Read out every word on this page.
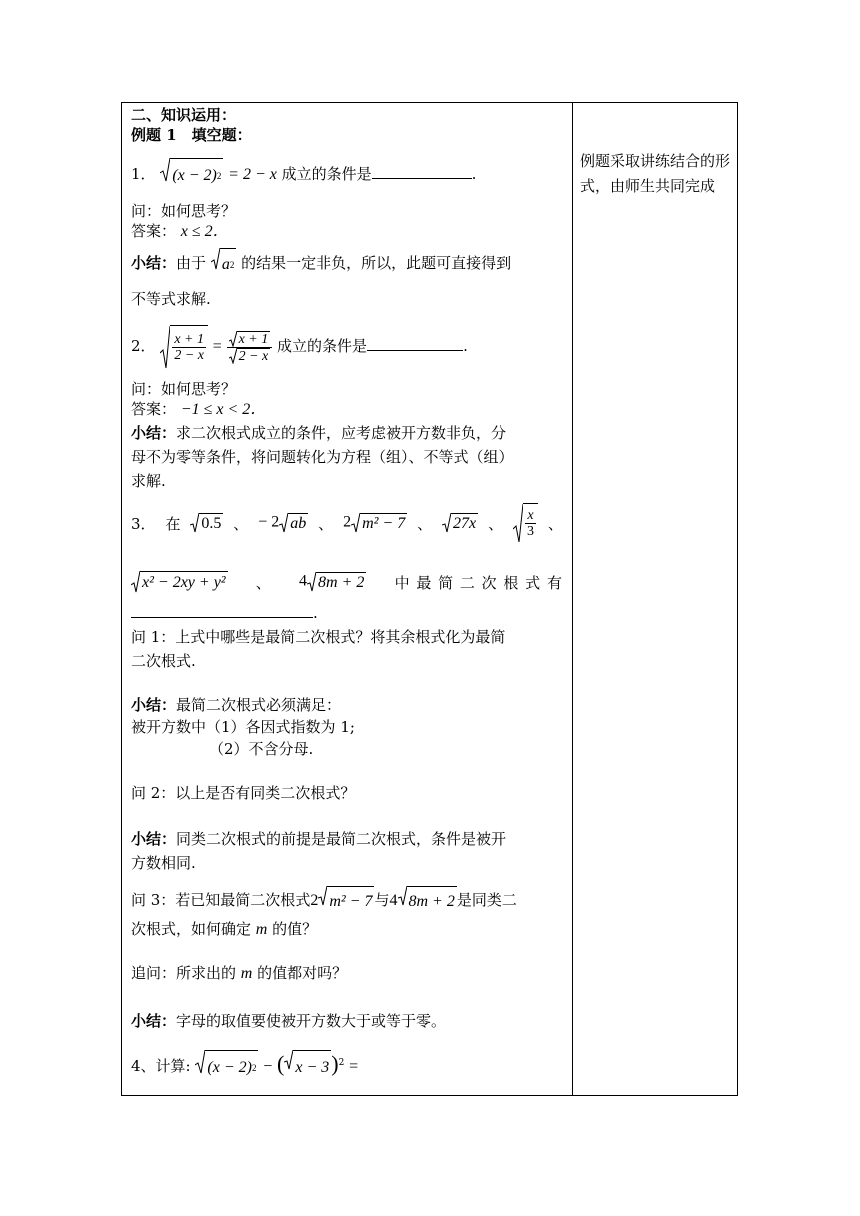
例题采取讲练结合的形式，由师生共同完成
二、知识运用：
例题 1　填空题：
1． (x − 2) 2 = 2 − x 成立的条件是	.
问：如何思考？
答案： x ≤ 2．
小结：由于 a 2 的结果一定非负，所以，此题可直接得到
不等式求解.
2． $\frac{x + 1}{2 - x} = \frac{x + 1}{2 - x}$ 成立的条件是	.
问：如何思考？
答案： −1 ≤ x < 2．
小结：求二次根式成立的条件，应考虑被开方数非负，分
母不为零等条件，将问题转化为方程（组）、不等式（组）
求解.
3． 在 0.5 、 − 2 ab 、 2 m² − 7 、 27x 、 $\frac{x}{3}$ 、
x² − 2xy + y² 、 4 8m + 2 中 最 简 二 次 根 式 有
.
问 1：上式中哪些是最简二次根式？将其余根式化为最简
二次根式.
小结：最简二次根式必须满足：
被开方数中（1）各因式指数为 1;
（2）不含分母.
问 2：以上是否有同类二次根式？
小结：同类二次根式的前提是最简二次根式，条件是被开
方数相同.
问 3：若已知最简二次根式2 m² − 7 与4 8m + 2 是同类二
次根式，如何确定 m 的值？
追问：所求出的 m 的值都对吗？
小结：字母的取值要使被开方数大于或等于零。
4、计算: (x − 2) 2 − ( x − 3 )$^2$ =
